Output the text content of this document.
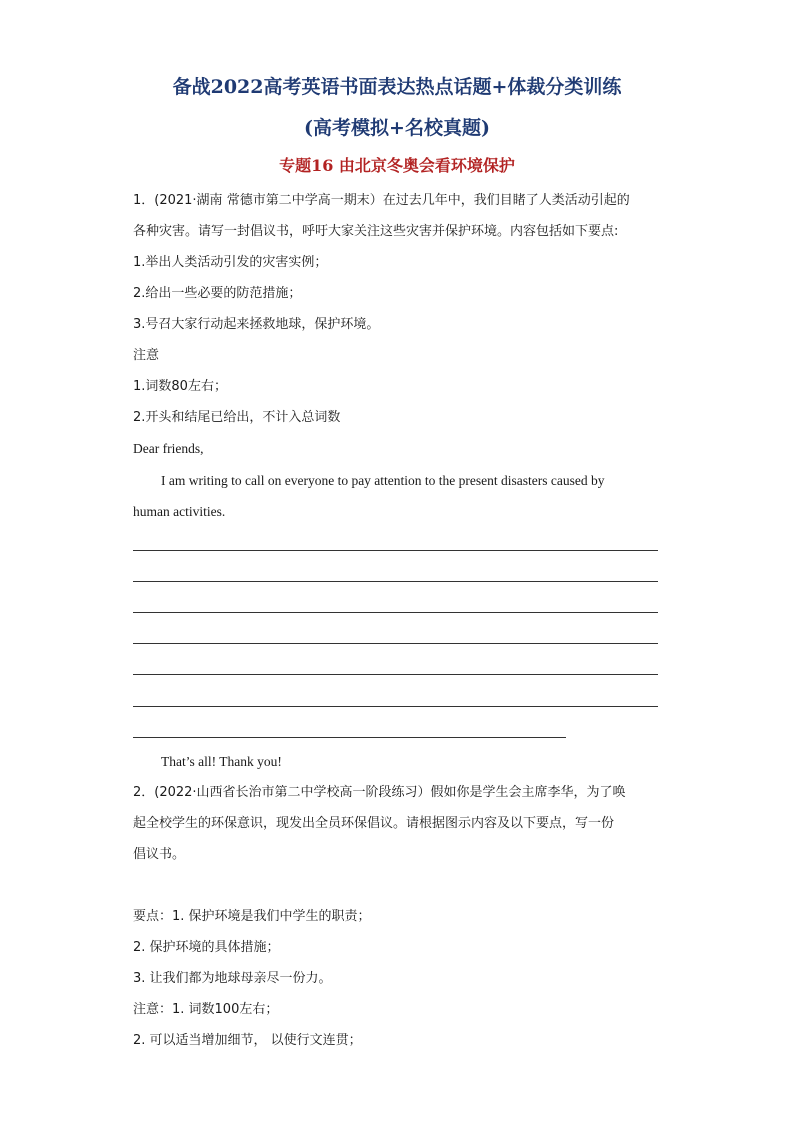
备战2022高考英语书面表达热点话题+体裁分类训练
(高考模拟+名校真题)
专题16 由北京冬奥会看环境保护
1．(2021·湖南 常德市第二中学高一期末）在过去几年中，我们目睹了人类活动引起的
各种灾害。请写一封倡议书，呼吁大家关注这些灾害并保护环境。内容包括如下要点:
1.举出人类活动引发的灾害实例；
2.给出一些必要的防范措施；
3.号召大家行动起来拯救地球，保护环境。
注意
1.词数80左右；
2.开头和结尾已给出，不计入总词数
Dear friends,
I am writing to call on everyone to pay attention to the present disasters caused by
human activities.
That’s all! Thank you!
2．(2022·山西省长治市第二中学校高一阶段练习）假如你是学生会主席李华，为了唤
起全校学生的环保意识，现发出全员环保倡议。请根据图示内容及以下要点，写一份
倡议书。
要点：1. 保护环境是我们中学生的职责；
2. 保护环境的具体措施；
3. 让我们都为地球母亲尽一份力。
注意：1. 词数100左右；
2. 可以适当增加细节， 以使行文连贯；
